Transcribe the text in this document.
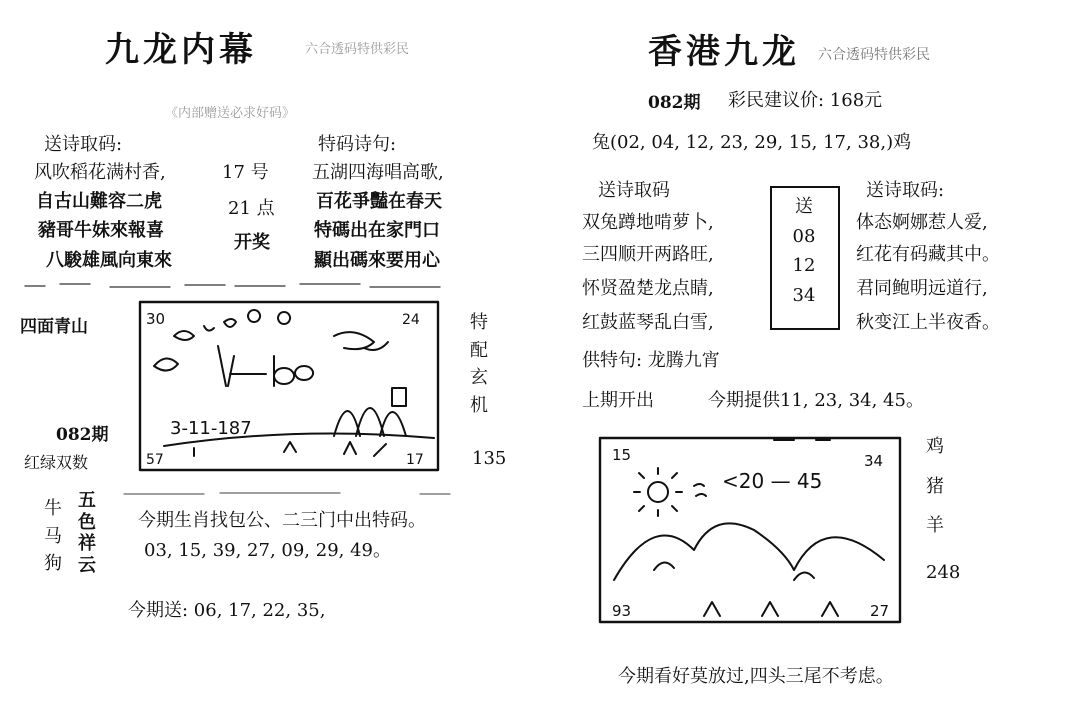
九龙内幕	六合透码特供彩民
《内部赠送必求好码》
送诗取码:	特码诗句:
风吹稻花满村香,
自古山難容二虎
豬哥牛妹來報喜
八駿雄風向東來
17 号
21 点
开奖
五湖四海唱高歌,
百花爭豔在春天
特碼出在家門口
顯出碼來要用心
四面青山
082期
红绿双数
30	24
3-11-187
57	17
特
配
玄
机
135
牛
马
狗
五
色
祥
云
今期生肖找包公、二三门中出特码。
03, 15, 39, 27, 09, 29, 49。
今期送: 06, 17, 22, 35,
香港九龙 六合透码特供彩民
082期 彩民建议价: 168元
兔(02, 04, 12, 23, 29, 15, 17, 38,)鸡
送诗取码	送诗取码:
双兔蹲地啃萝卜,
三四顺开两路旺,
怀贤盈楚龙点睛,
红鼓蓝琴乱白雪,
送
08
12
34
体态婀娜惹人爱,
红花有码藏其中。
君同鲍明远道行,
秋变江上半夜香。
供特句: 龙腾九宵
上期开出	今期提供11, 23, 34, 45。
15	34
<20 — 45
93	27
鸡
猪
羊
248
今期看好莫放过,四头三尾不考虑。
